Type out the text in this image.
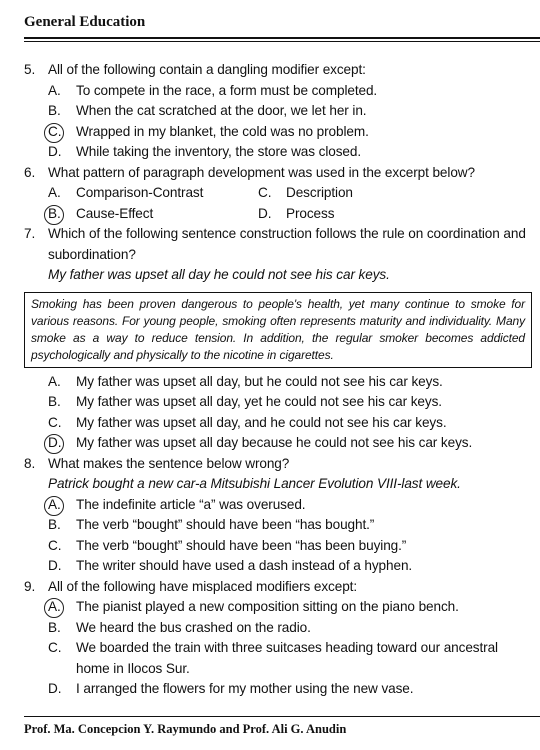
General Education
5. All of the following contain a dangling modifier except:
A.	To compete in the race, a form must be completed.
B.	When the cat scratched at the door, we let her in.
C.	Wrapped in my blanket, the cold was no problem.
D.	While taking the inventory, the store was closed.
6. What pattern of paragraph development was used in the excerpt below?
A.	Comparison-Contrast	C.	Description
B.	Cause-Effect	D.	Process
7. Which of the following sentence construction follows the rule on coordination and subordination?
My father was upset all day he could not see his car keys.
Smoking has been proven dangerous to people's health, yet many continue to smoke for various reasons. For young people, smoking often represents maturity and individuality. Many smoke as a way to reduce tension. In addition, the regular smoker becomes addicted psychologically and physically to the nicotine in cigarettes.
A.	My father was upset all day, but he could not see his car keys.
B.	My father was upset all day, yet he could not see his car keys.
C.	My father was upset all day, and he could not see his car keys.
D.	My father was upset all day because he could not see his car keys.
8. What makes the sentence below wrong?
Patrick bought a new car-a Mitsubishi Lancer Evolution VIII-last week.
A.	The indefinite article “a” was overused.
B.	The verb “bought” should have been “has bought.”
C.	The verb “bought” should have been “has been buying.”
D.	The writer should have used a dash instead of a hyphen.
9. All of the following have misplaced modifiers except:
A.	The pianist played a new composition sitting on the piano bench.
B.	We heard the bus crashed on the radio.
C.	We boarded the train with three suitcases heading toward our ancestral home in Ilocos Sur.
D.	I arranged the flowers for my mother using the new vase.
Prof. Ma. Concepcion Y. Raymundo and Prof. Ali G. Anudin
